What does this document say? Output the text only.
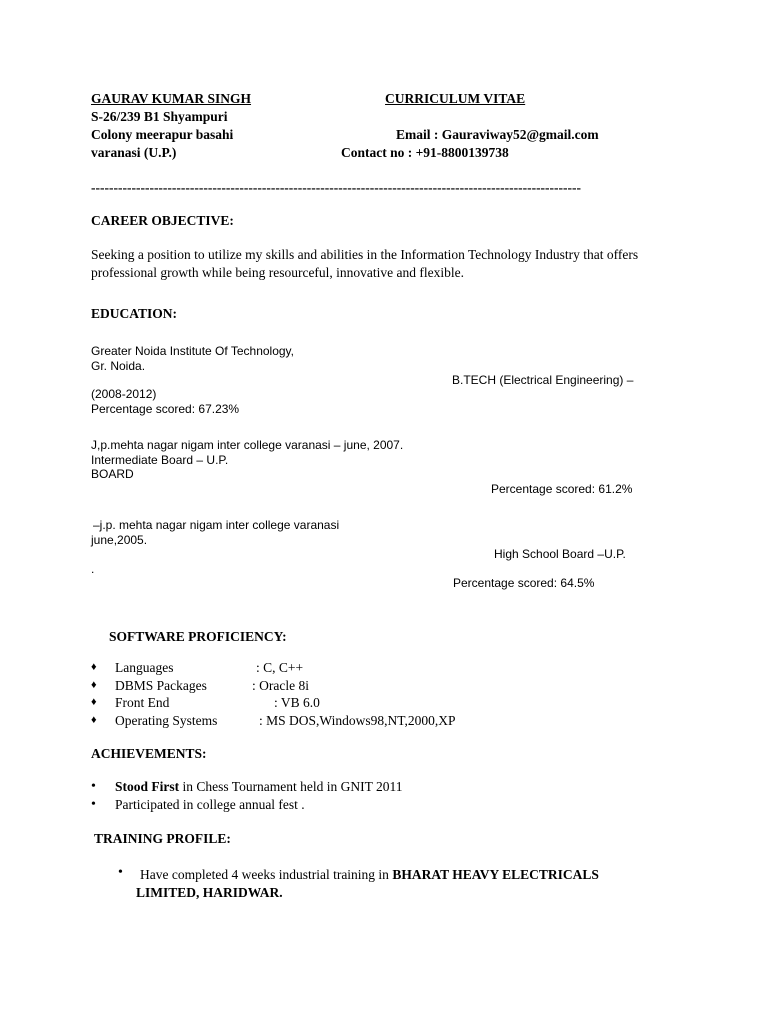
GAURAV KUMAR SINGH	CURRICULUM VITAE
S-26/239 B1 Shyampuri
Colony meerapur basahi	Email : Gauraviway52@gmail.com
varanasi (U.P.)	Contact no : +91-8800139738
-------------------------------------------------------------------------------------------------------------
CAREER OBJECTIVE:
Seeking a position to utilize my skills and abilities in the Information Technology Industry that offers professional growth while being resourceful, innovative and flexible.
EDUCATION:
Greater Noida Institute Of Technology,
Gr. Noida.
B.TECH (Electrical Engineering) –
(2008-2012)
Percentage scored: 67.23%
J,p.mehta nagar nigam inter college varanasi – june, 2007.
Intermediate Board – U.P.
BOARD
Percentage scored: 61.2%
–j.p. mehta nagar nigam inter college varanasi
june,2005.
High School Board –U.P.
.
Percentage scored: 64.5%
SOFTWARE PROFICIENCY:
♦ Languages	: C, C++
♦ DBMS Packages	: Oracle 8i
♦ Front End	: VB 6.0
♦ Operating Systems	: MS DOS,Windows98,NT,2000,XP
ACHIEVEMENTS:
• Stood First in Chess Tournament held in GNIT 2011
• Participated in college annual fest .
TRAINING PROFILE:
• Have completed 4 weeks industrial training in BHARAT HEAVY ELECTRICALS
LIMITED, HARIDWAR.
